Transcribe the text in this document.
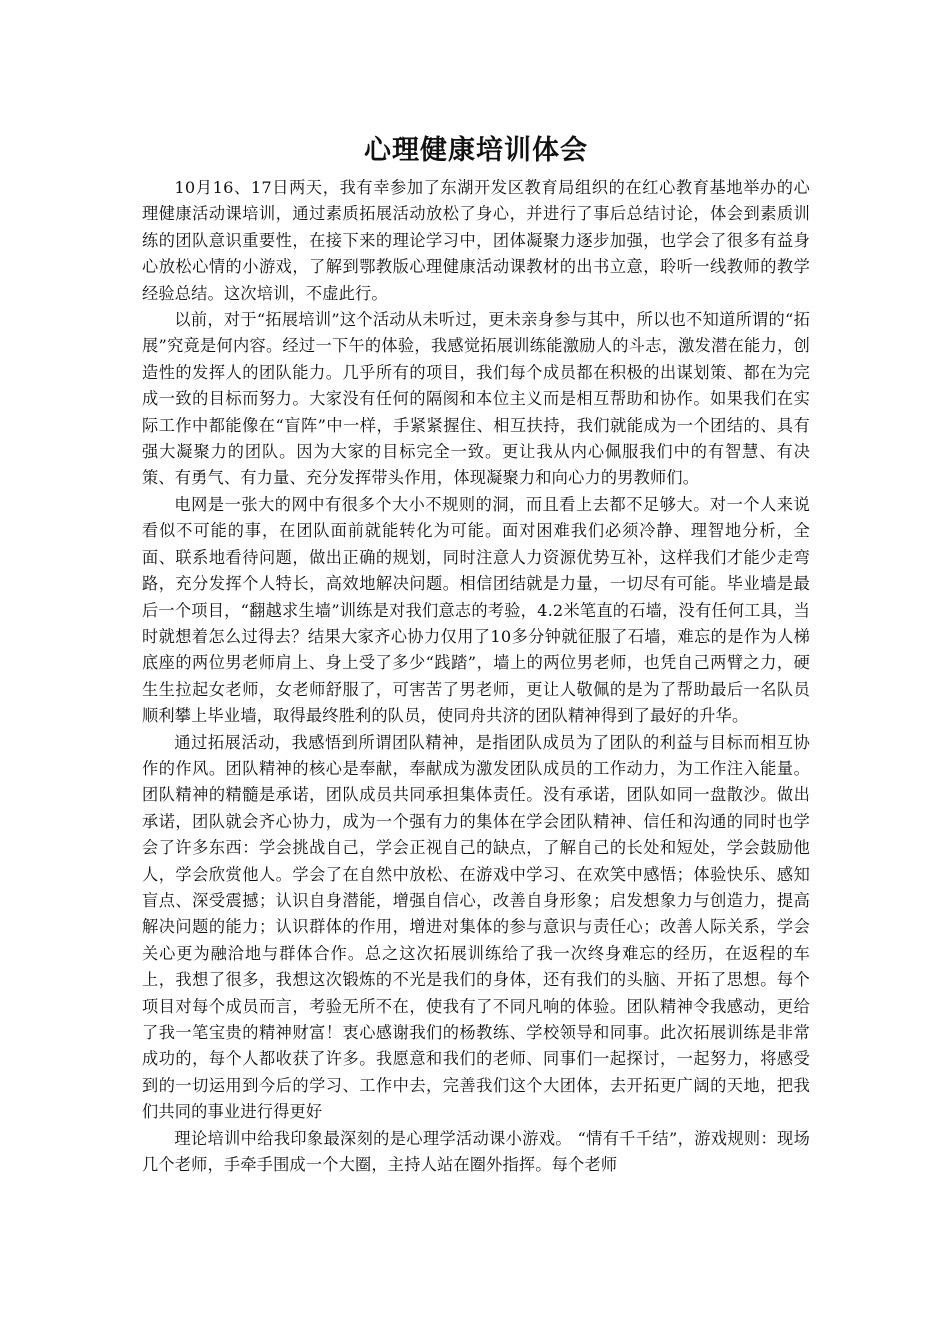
心理健康培训体会

10月16、17日两天，我有幸参加了东湖开发区教育局组织的在红心教育基地举办的心理健康活动课培训，通过素质拓展活动放松了身心，并进行了事后总结讨论，体会到素质训练的团队意识重要性，在接下来的理论学习中，团体凝聚力逐步加强，也学会了很多有益身心放松心情的小游戏，了解到鄂教版心理健康活动课教材的出书立意，聆听一线教师的教学经验总结。这次培训，不虚此行。

以前，对于“拓展培训”这个活动从未听过，更未亲身参与其中，所以也不知道所谓的“拓展”究竟是何内容。经过一下午的体验，我感觉拓展训练能激励人的斗志，激发潜在能力，创造性的发挥人的团队能力。几乎所有的项目，我们每个成员都在积极的出谋划策、都在为完成一致的目标而努力。大家没有任何的隔阂和本位主义而是相互帮助和协作。如果我们在实际工作中都能像在“盲阵”中一样，手紧紧握住、相互扶持，我们就能成为一个团结的、具有强大凝聚力的团队。因为大家的目标完全一致。更让我从内心佩服我们中的有智慧、有决策、有勇气、有力量、充分发挥带头作用，体现凝聚力和向心力的男教师们。

电网是一张大的网中有很多个大小不规则的洞，而且看上去都不足够大。对一个人来说看似不可能的事，在团队面前就能转化为可能。面对困难我们必须冷静、理智地分析，全面、联系地看待问题，做出正确的规划，同时注意人力资源优势互补，这样我们才能少走弯路，充分发挥个人特长，高效地解决问题。相信团结就是力量，一切尽有可能。毕业墙是最后一个项目，“翻越求生墙”训练是对我们意志的考验，4.2米笔直的石墙，没有任何工具，当时就想着怎么过得去？结果大家齐心协力仅用了10多分钟就征服了石墙，难忘的是作为人梯底座的两位男老师肩上、身上受了多少“践踏”，墙上的两位男老师，也凭自己两臂之力，硬生生拉起女老师，女老师舒服了，可害苦了男老师，更让人敬佩的是为了帮助最后一名队员顺利攀上毕业墙，取得最终胜利的队员，使同舟共济的团队精神得到了最好的升华。

通过拓展活动，我感悟到所谓团队精神，是指团队成员为了团队的利益与目标而相互协作的作风。团队精神的核心是奉献，奉献成为激发团队成员的工作动力，为工作注入能量。团队精神的精髓是承诺，团队成员共同承担集体责任。没有承诺，团队如同一盘散沙。做出承诺，团队就会齐心协力，成为一个强有力的集体在学会团队精神、信任和沟通的同时也学会了许多东西：学会挑战自己，学会正视自己的缺点，了解自己的长处和短处，学会鼓励他人，学会欣赏他人。学会了在自然中放松、在游戏中学习、在欢笑中感悟；体验快乐、感知盲点、深受震撼；认识自身潜能，增强自信心，改善自身形象；启发想象力与创造力，提高解决问题的能力；认识群体的作用，增进对集体的参与意识与责任心；改善人际关系，学会关心更为融洽地与群体合作。总之这次拓展训练给了我一次终身难忘的经历，在返程的车上，我想了很多，我想这次锻炼的不光是我们的身体，还有我们的头脑、开拓了思想。每个项目对每个成员而言，考验无所不在，使我有了不同凡响的体验。团队精神令我感动，更给了我一笔宝贵的精神财富！衷心感谢我们的杨教练、学校领导和同事。此次拓展训练是非常成功的，每个人都收获了许多。我愿意和我们的老师、同事们一起探讨，一起努力，将感受到的一切运用到今后的学习、工作中去，完善我们这个大团体，去开拓更广阔的天地，把我们共同的事业进行得更好

理论培训中给我印象最深刻的是心理学活动课小游戏。 “情有千千结”，游戏规则：现场几个老师，手牵手围成一个大圈，主持人站在圈外指挥。每个老师
